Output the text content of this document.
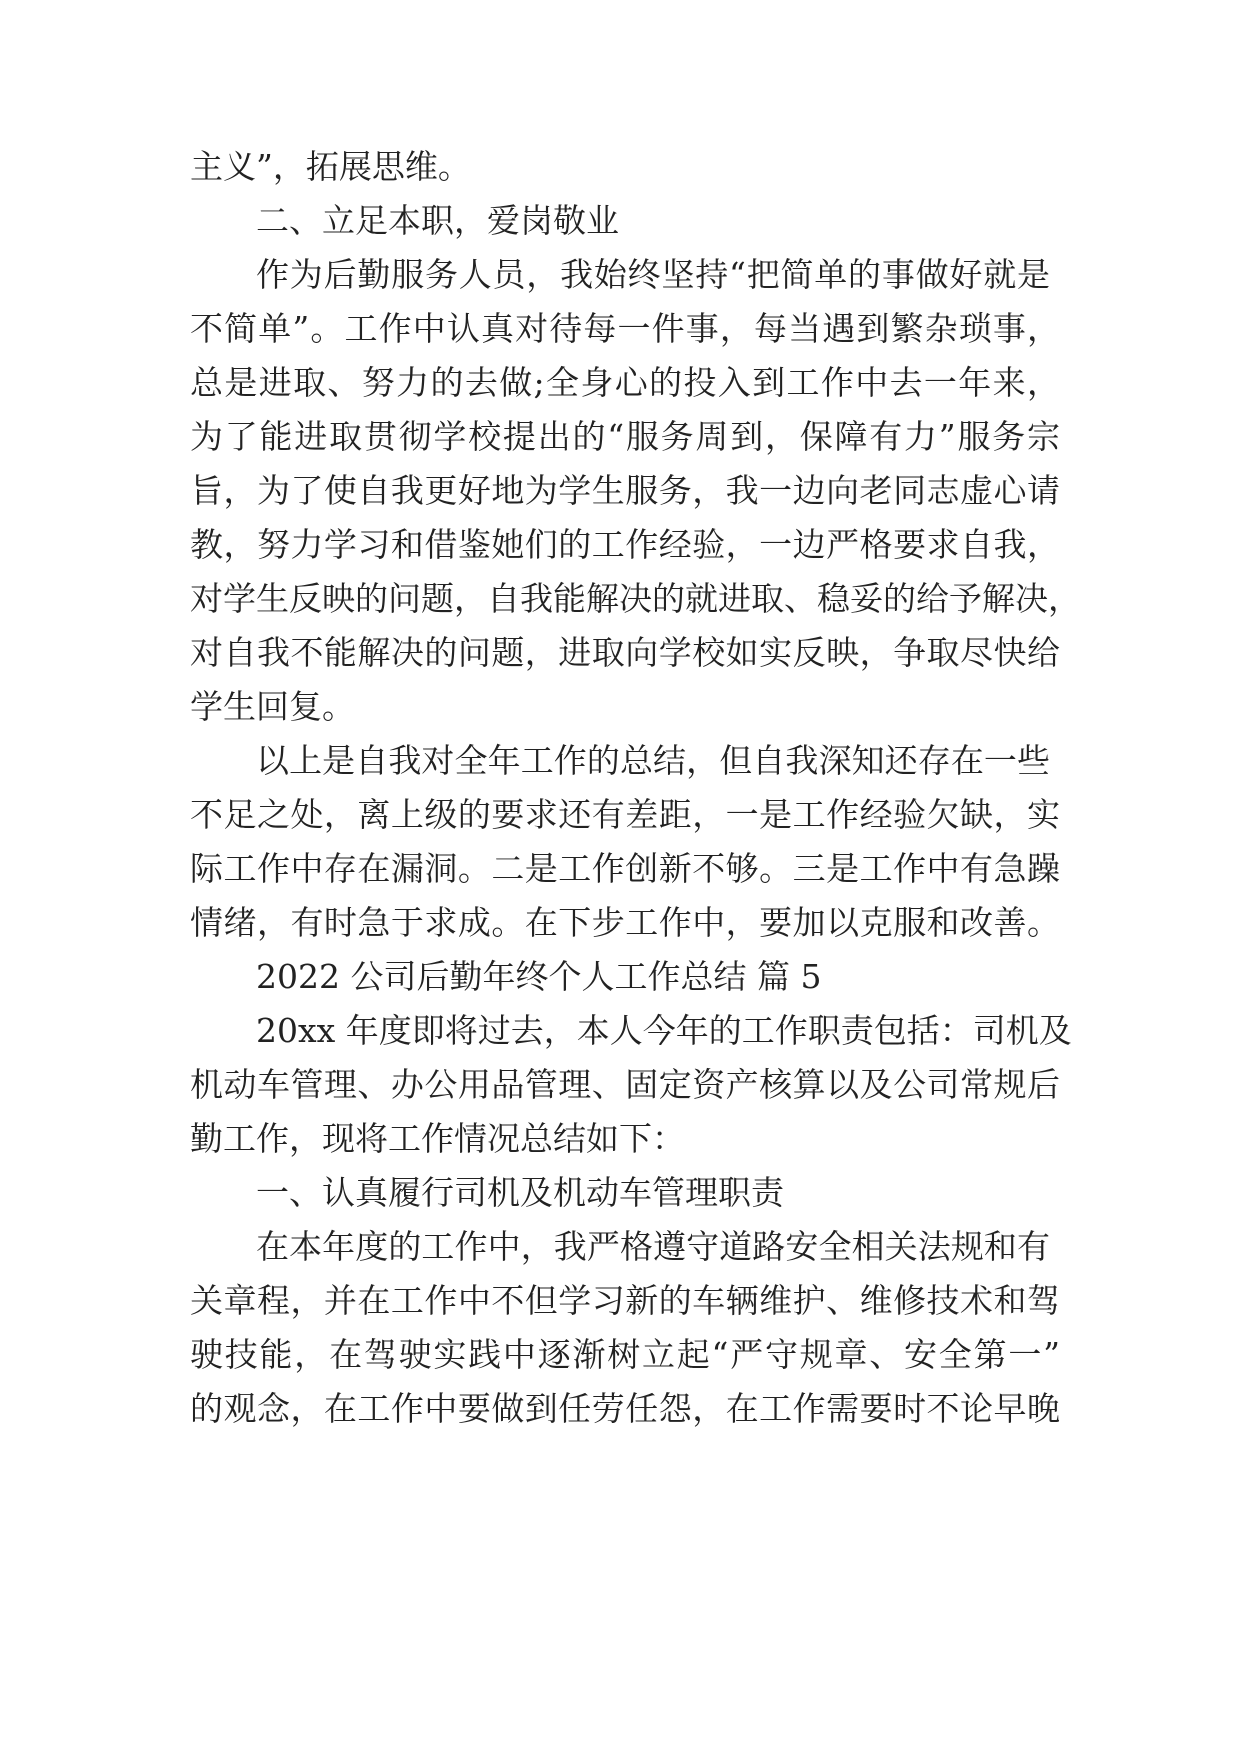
主义”，拓展思维。
二、立足本职，爱岗敬业
作为后勤服务人员，我始终坚持“把简单的事做好就是
不简单”。工作中认真对待每一件事，每当遇到繁杂琐事，
总是进取、努力的去做;全身心的投入到工作中去一年来，
为了能进取贯彻学校提出的“服务周到，保障有力”服务宗
旨，为了使自我更好地为学生服务，我一边向老同志虚心请
教，努力学习和借鉴她们的工作经验，一边严格要求自我，
对学生反映的问题，自我能解决的就进取、稳妥的给予解决，
对自我不能解决的问题，进取向学校如实反映，争取尽快给
学生回复。
以上是自我对全年工作的总结，但自我深知还存在一些
不足之处，离上级的要求还有差距，一是工作经验欠缺，实
际工作中存在漏洞。二是工作创新不够。三是工作中有急躁
情绪，有时急于求成。在下步工作中，要加以克服和改善。
2022 公司后勤年终个人工作总结 篇 5
20xx 年度即将过去，本人今年的工作职责包括：司机及
机动车管理、办公用品管理、固定资产核算以及公司常规后
勤工作，现将工作情况总结如下：
一、认真履行司机及机动车管理职责
在本年度的工作中，我严格遵守道路安全相关法规和有
关章程，并在工作中不但学习新的车辆维护、维修技术和驾
驶技能，在驾驶实践中逐渐树立起“严守规章、安全第一”
的观念，在工作中要做到任劳任怨，在工作需要时不论早晚
